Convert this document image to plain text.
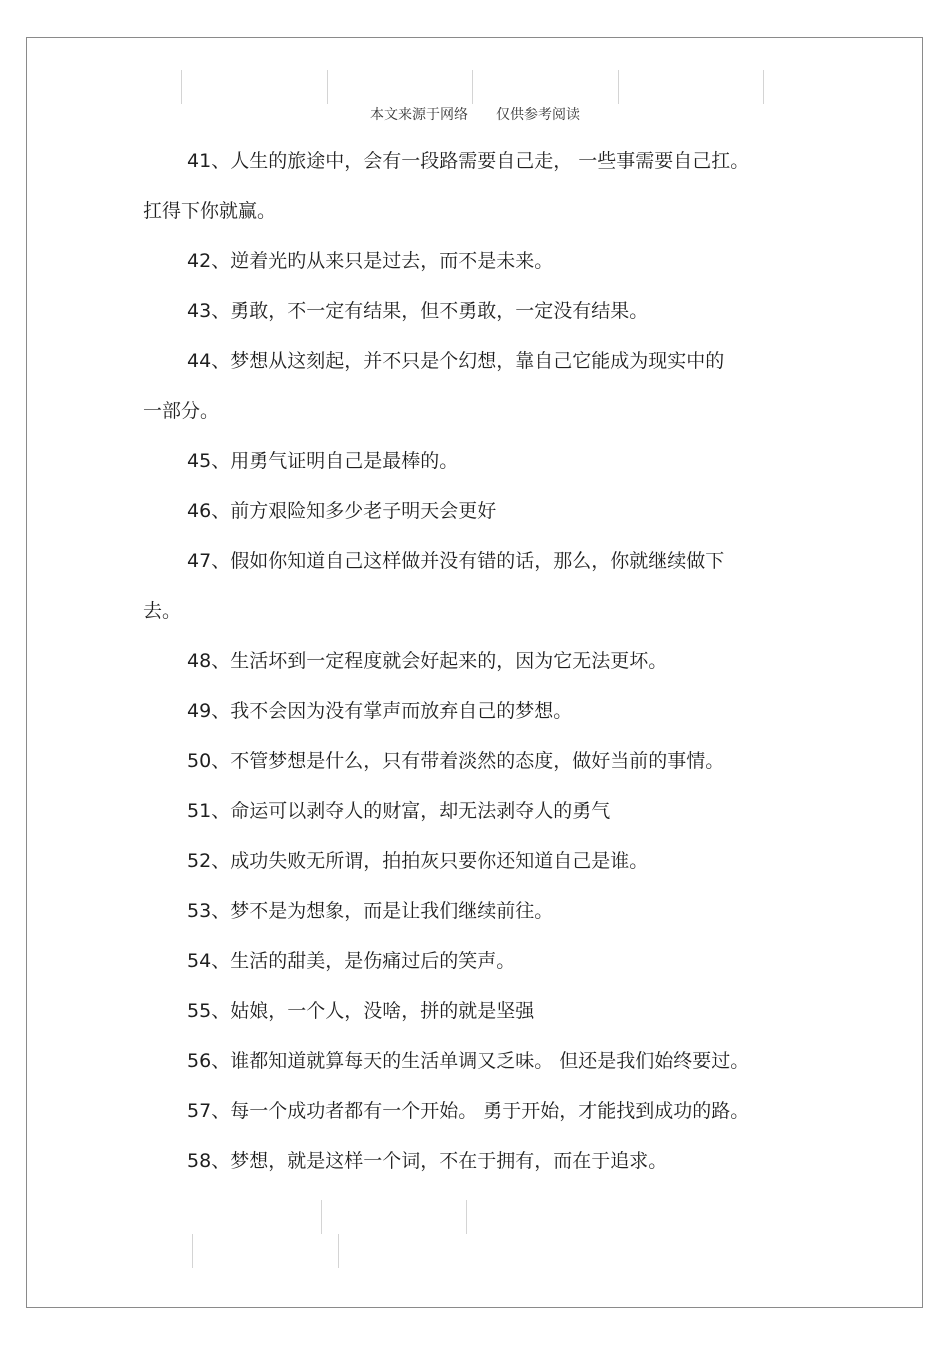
本文来源于网络 仅供参考阅读
41、人生的旅途中，会有一段路需要自己走， 一些事需要自己扛。
扛得下你就赢。
42、逆着光旳从来只是过去，而不是未来。
43、勇敢，不一定有结果，但不勇敢，一定没有结果。
44、梦想从这刻起，并不只是个幻想，靠自己它能成为现实中的
一部分。
45、用勇气证明自己是最棒的。
46、前方艰险知多少老子明天会更好
47、假如你知道自己这样做并没有错的话，那么，你就继续做下
去。
48、生活坏到一定程度就会好起来的，因为它无法更坏。
49、我不会因为没有掌声而放弃自己的梦想。
50、不管梦想是什么，只有带着淡然的态度，做好当前的事情。
51、命运可以剥夺人的财富，却无法剥夺人的勇气
52、成功失败无所谓，拍拍灰只要你还知道自己是谁。
53、梦不是为想象，而是让我们继续前往。
54、生活的甜美，是伤痛过后的笑声。
55、姑娘，一个人，没啥，拼的就是坚强
56、谁都知道就算每天的生活单调又乏味。 但还是我们始终要过。
57、每一个成功者都有一个开始。 勇于开始，才能找到成功的路。
58、梦想，就是这样一个词，不在于拥有，而在于追求。
